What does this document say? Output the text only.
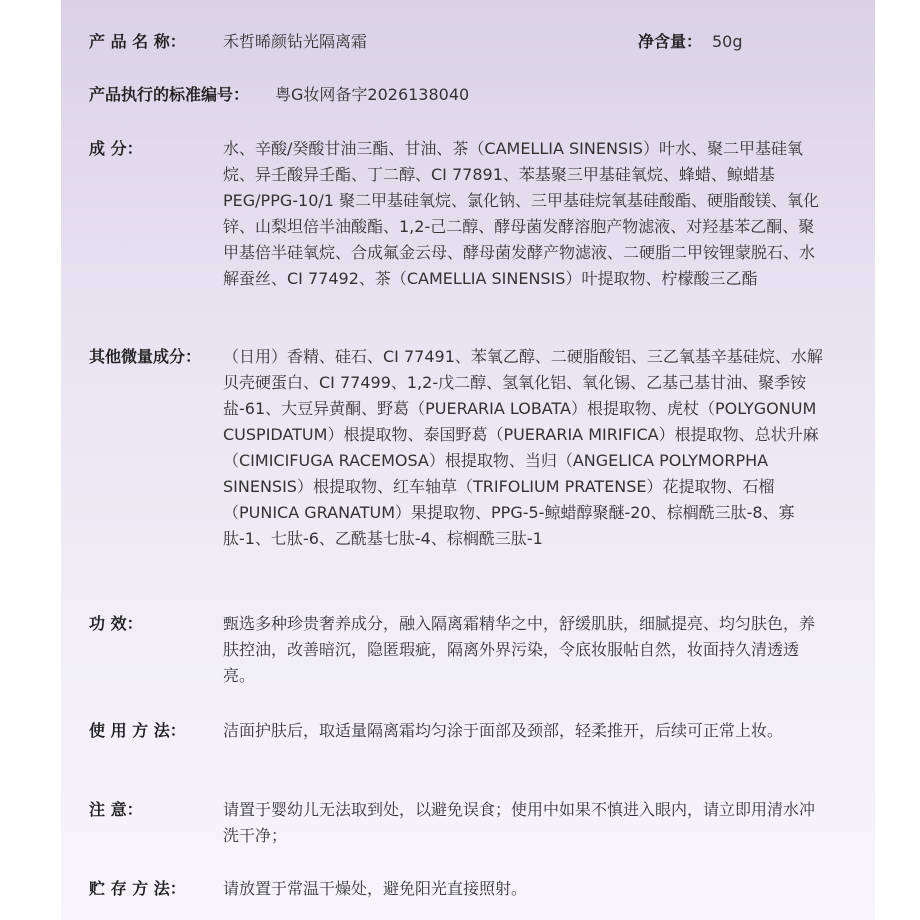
产 品 名 称： 禾哲晞颜钻光隔离霜	净含量： 50g
产品执行的标准编号： 粤G妆网备字2026138040
成 分：	水、辛酸/癸酸甘油三酯、甘油、茶（CAMELLIA SINENSIS）叶水、聚二甲基硅氧烷、异壬酸异壬酯、丁二醇、CI 77891、苯基聚三甲基硅氧烷、蜂蜡、鲸蜡基 PEG/PPG-10/1 聚二甲基硅氧烷、氯化钠、三甲基硅烷氧基硅酸酯、硬脂酸镁、氧化锌、山梨坦倍半油酸酯、1,2-己二醇、酵母菌发酵溶胞产物滤液、对羟基苯乙酮、聚甲基倍半硅氧烷、合成氟金云母、酵母菌发酵产物滤液、二硬脂二甲铵锂蒙脱石、水解蚕丝、CI 77492、茶（CAMELLIA SINENSIS）叶提取物、柠檬酸三乙酯
其他微量成分： （日用）香精、硅石、CI 77491、苯氧乙醇、二硬脂酸铝、三乙氧基辛基硅烷、水解贝壳硬蛋白、CI 77499、1,2-戊二醇、氢氧化铝、氧化锡、乙基己基甘油、聚季铵盐-61、大豆异黄酮、野葛（PUERARIA LOBATA）根提取物、虎杖（POLYGONUM CUSPIDATUM）根提取物、泰国野葛（PUERARIA MIRIFICA）根提取物、总状升麻（CIMICIFUGA RACEMOSA）根提取物、当归（ANGELICA POLYMORPHA SINENSIS）根提取物、红车轴草（TRIFOLIUM PRATENSE）花提取物、石榴（PUNICA GRANATUM）果提取物、PPG-5-鲸蜡醇聚醚-20、棕榈酰三肽-8、寡肽-1、七肽-6、乙酰基七肽-4、棕榈酰三肽-1
功 效：	甄选多种珍贵奢养成分，融入隔离霜精华之中，舒缓肌肤，细腻提亮、均匀肤色，养肤控油，改善暗沉，隐匿瑕疵，隔离外界污染，令底妆服帖自然，妆面持久清透透亮。
使 用 方 法： 洁面护肤后，取适量隔离霜均匀涂于面部及颈部，轻柔推开，后续可正常上妆。
注 意：	请置于婴幼儿无法取到处，以避免误食；使用中如果不慎进入眼内，请立即用清水冲洗干净；
贮 存 方 法： 请放置于常温干燥处，避免阳光直接照射。
